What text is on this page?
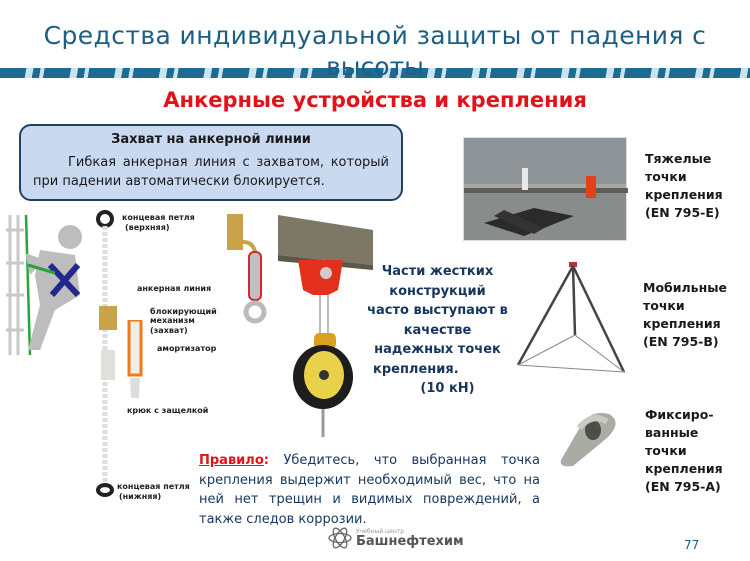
Средства индивидуальной защиты от падения с
высоты
Анкерные устройства и крепления
Захват на анкерной линии
Гибкая анкерная линия с захватом, который при падении автоматически блокируется.
концевая петля
(верхняя)
анкерная линия
блокирующий
механизм
(захват)
амортизатор
крюк с защелкой
концевая петля
(нижняя)
Части жестких
конструкций
часто выступают в
качестве
надежных точек
крепления.
(10 кН)
Тяжелые
точки
крепления
(EN 795-E)
Мобильные
точки
крепления
(EN 795-B)
Фиксиро-
ванные
точки
крепления
(EN 795-A)
Правило: Убедитесь, что выбранная точка крепления выдержит необходимый вес, что на ней нет трещин и видимых повреждений, а также следов коррозии.
Учебный центр
Башнефтехим	77
